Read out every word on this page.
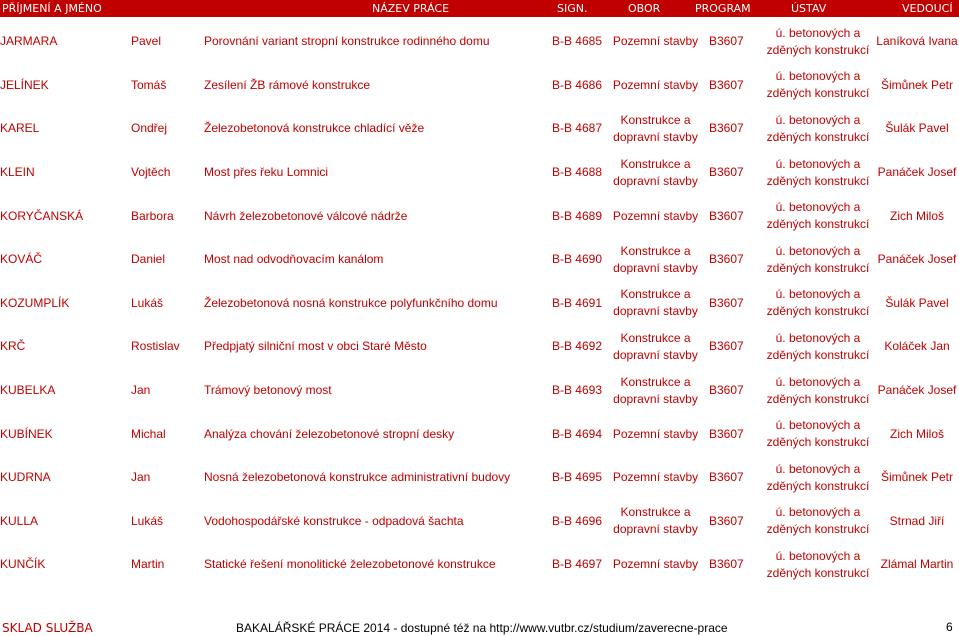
PŘÍJMENÍ A JMÉNO	NÁZEV PRÁCE	SIGN.	OBOR	PROGRAM	ÚSTAV	VEDOUCÍ
JARMARA	Pavel	Porovnání variant stropní konstrukce rodinného domu	B-B 4685	Pozemní stavby	B3607	ú. betonových a zděných konstrukcí	Laníková Ivana
JELÍNEK	Tomáš	Zesílení ŽB rámové konstrukce	B-B 4686	Pozemní stavby	B3607	ú. betonových a zděných konstrukcí	Šimůnek Petr
KAREL	Ondřej	Železobetonová konstrukce chladící věže	B-B 4687	Konstrukce a dopravní stavby	B3607	ú. betonových a zděných konstrukcí	Šulák Pavel
KLEIN	Vojtěch	Most přes řeku Lomnici	B-B 4688	Konstrukce a dopravní stavby	B3607	ú. betonových a zděných konstrukcí	Panáček Josef
KORYČANSKÁ	Barbora	Návrh železobetonové válcové nádrže	B-B 4689	Pozemní stavby	B3607	ú. betonových a zděných konstrukcí	Zich Miloš
KOVÁČ	Daniel	Most nad odvodňovacím kanálom	B-B 4690	Konstrukce a dopravní stavby	B3607	ú. betonových a zděných konstrukcí	Panáček Josef
KOZUMPLÍK	Lukáš	Železobetonová nosná konstrukce polyfunkčního domu	B-B 4691	Konstrukce a dopravní stavby	B3607	ú. betonových a zděných konstrukcí	Šulák Pavel
KRČ	Rostislav	Předpjatý silniční most v obci Staré Město	B-B 4692	Konstrukce a dopravní stavby	B3607	ú. betonových a zděných konstrukcí	Koláček Jan
KUBELKA	Jan	Trámový betonový most	B-B 4693	Konstrukce a dopravní stavby	B3607	ú. betonových a zděných konstrukcí	Panáček Josef
KUBÍNEK	Michal	Analýza chování železobetonové stropní desky	B-B 4694	Pozemní stavby	B3607	ú. betonových a zděných konstrukcí	Zich Miloš
KUDRNA	Jan	Nosná železobetonová konstrukce administrativní budovy	B-B 4695	Pozemní stavby	B3607	ú. betonových a zděných konstrukcí	Šimůnek Petr
KULLA	Lukáš	Vodohospodářské konstrukce - odpadová šachta	B-B 4696	Konstrukce a dopravní stavby	B3607	ú. betonových a zděných konstrukcí	Strnad Jiří
KUNČÍK	Martin	Statické řešení monolitické železobetonové konstrukce	B-B 4697	Pozemní stavby	B3607	ú. betonových a zděných konstrukcí	Zlámal Martin
SKLAD SLUŽBA	BAKALÁŘSKÉ PRÁCE 2014 - dostupné též na http://www.vutbr.cz/studium/zaverecne-prace	6
